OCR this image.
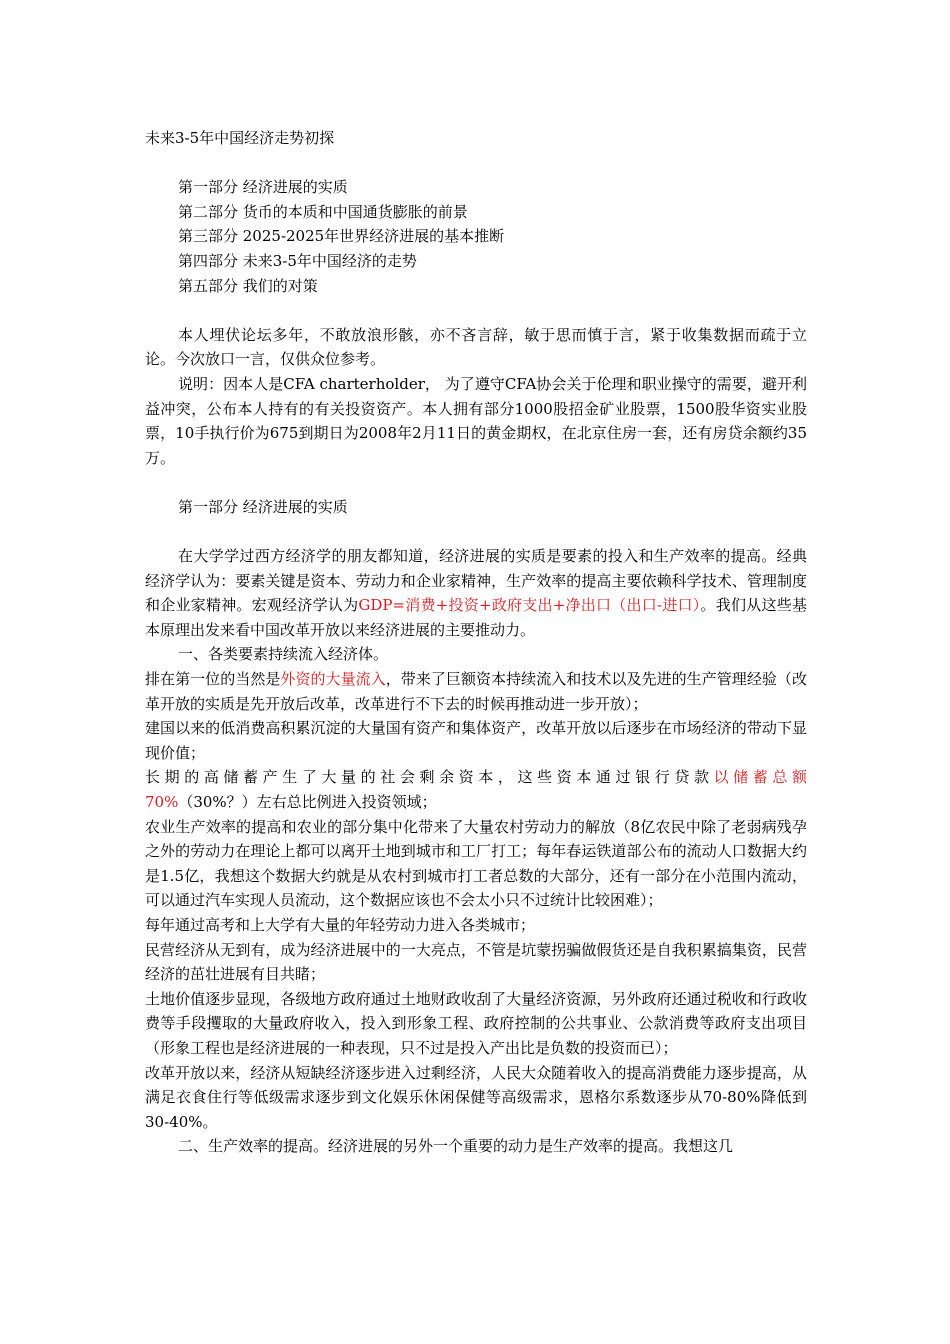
未来3-5年中国经济走势初探

第一部分 经济进展的实质

第二部分 货币的本质和中国通货膨胀的前景

第三部分 2025-2025年世界经济进展的基本推断

第四部分 未来3-5年中国经济的走势

第五部分 我们的对策

本人埋伏论坛多年，不敢放浪形骸，亦不吝言辞，敏于思而慎于言，紧于收集数据而疏于立论。今次放口一言，仅供众位参考。

说明：因本人是CFA charterholder， 为了遵守CFA协会关于伦理和职业操守的需要，避开利益冲突，公布本人持有的有关投资资产。本人拥有部分1000股招金矿业股票，1500股华资实业股票，10手执行价为675到期日为2008年2月11日的黄金期权，在北京住房一套，还有房贷余额约35万。

第一部分 经济进展的实质

在大学学过西方经济学的朋友都知道，经济进展的实质是要素的投入和生产效率的提高。经典经济学认为：要素关键是资本、劳动力和企业家精神，生产效率的提高主要依赖科学技术、管理制度和企业家精神。宏观经济学认为GDP=消费+投资+政府支出+净出口（出口-进口）。我们从这些基本原理出发来看中国改革开放以来经济进展的主要推动力。

一、各类要素持续流入经济体。

排在第一位的当然是外资的大量流入，带来了巨额资本持续流入和技术以及先进的生产管理经验（改革开放的实质是先开放后改革，改革进行不下去的时候再推动进一步开放）；

建国以来的低消费高积累沉淀的大量国有资产和集体资产，改革开放以后逐步在市场经济的带动下显现价值；

长期的高储蓄产生了大量的社会剩余资本，这些资本通过银行贷款以储蓄总额

70%（30%？）左右总比例进入投资领域；

农业生产效率的提高和农业的部分集中化带来了大量农村劳动力的解放（8亿农民中除了老弱病残孕之外的劳动力在理论上都可以离开土地到城市和工厂打工；每年春运铁道部公布的流动人口数据大约是1.5亿，我想这个数据大约就是从农村到城市打工者总数的大部分，还有一部分在小范围内流动，可以通过汽车实现人员流动，这个数据应该也不会太小只不过统计比较困难）；

每年通过高考和上大学有大量的年轻劳动力进入各类城市；

民营经济从无到有，成为经济进展中的一大亮点，不管是坑蒙拐骗做假货还是自我积累搞集资，民营经济的茁壮进展有目共睹；

土地价值逐步显现，各级地方政府通过土地财政收刮了大量经济资源，另外政府还通过税收和行政收费等手段攫取的大量政府收入，投入到形象工程、政府控制的公共事业、公款消费等政府支出项目（形象工程也是经济进展的一种表现，只不过是投入产出比是负数的投资而已）；

改革开放以来，经济从短缺经济逐步进入过剩经济，人民大众随着收入的提高消费能力逐步提高，从满足衣食住行等低级需求逐步到文化娱乐休闲保健等高级需求，恩格尔系数逐步从70-80%降低到30-40%。

二、生产效率的提高。经济进展的另外一个重要的动力是生产效率的提高。我想这几
